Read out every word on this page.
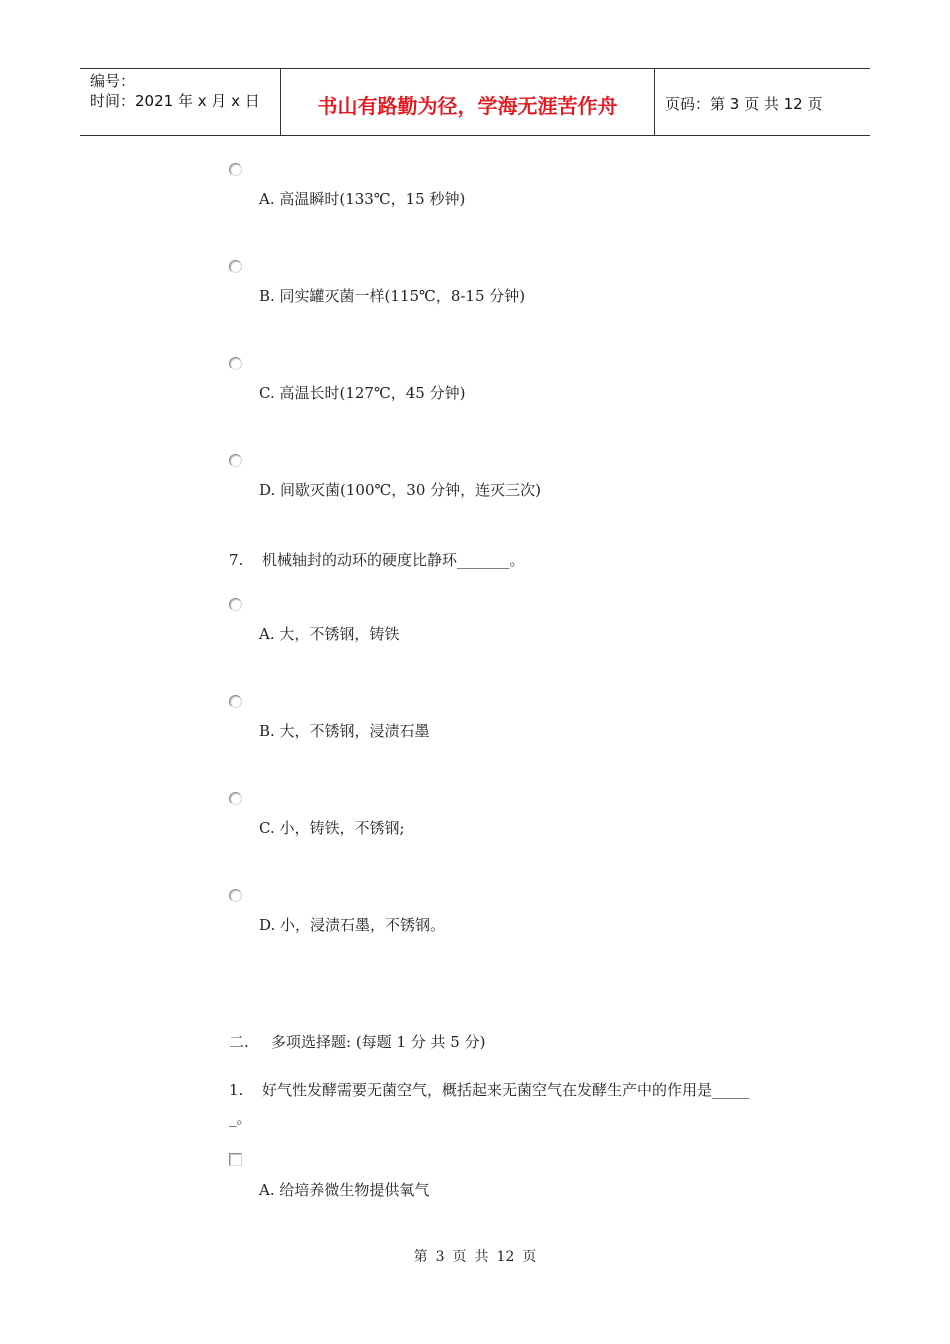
编号：
时间：2021 年 x 月 x 日	书山有路勤为径，学海无涯苦作舟	页码：第 3 页 共 12 页
A. 高温瞬时(133℃，15 秒钟)
B. 同实罐灭菌一样(115℃，8-15 分钟)
C. 高温长时(127℃，45 分钟)
D. 间歇灭菌(100℃，30 分钟，连灭三次)
7. 机械轴封的动环的硬度比静环_______。
A. 大，不锈钢，铸铁
B. 大，不锈钢，浸渍石墨
C. 小，铸铁，不锈钢;
D. 小，浸渍石墨，不锈钢。
二. 多项选择题: (每题 1 分 共 5 分)
1. 好气性发酵需要无菌空气，概括起来无菌空气在发酵生产中的作用是_____
_。
A. 给培养微生物提供氧气
第 3 页 共 12 页
